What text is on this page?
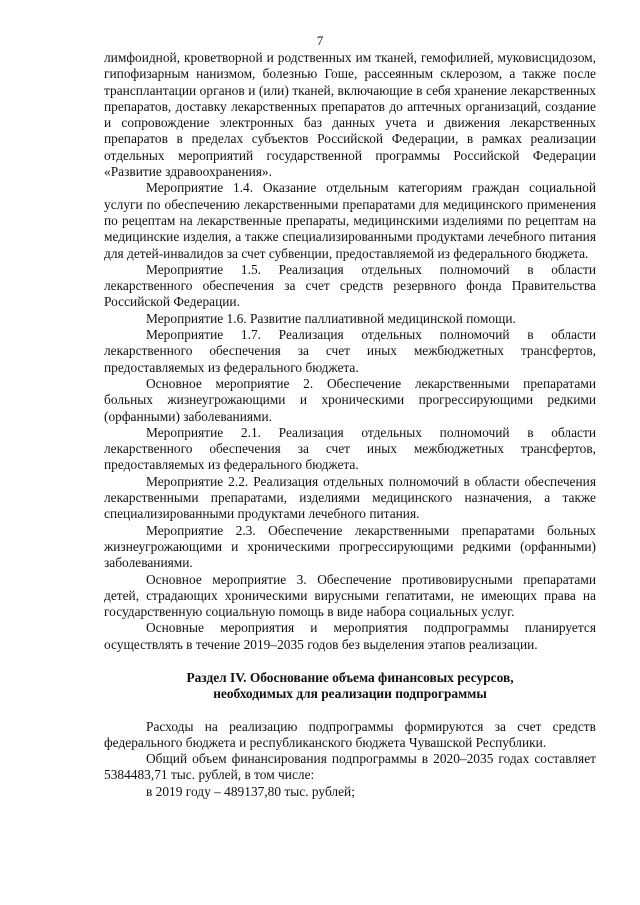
7

лимфоидной, кроветворной и родственных им тканей, гемофилией, муковисцидозом, гипофизарным нанизмом, болезнью Гоше, рассеянным склерозом, а также после трансплантации органов и (или) тканей, включающие в себя хранение лекарственных препаратов, доставку лекарственных препаратов до аптечных организаций, создание и сопровождение электронных баз данных учета и движения лекарственных препаратов в пределах субъектов Российской Федерации, в рамках реализации отдельных мероприятий государственной программы Российской Федерации «Развитие здравоохранения».

Мероприятие 1.4. Оказание отдельным категориям граждан социальной услуги по обеспечению лекарственными препаратами для медицинского применения по рецептам на лекарственные препараты, медицинскими изделиями по рецептам на медицинские изделия, а также специализированными продуктами лечебного питания для детей-инвалидов за счет субвенции, предоставляемой из федерального бюджета.

Мероприятие 1.5. Реализация отдельных полномочий в области лекарственного обеспечения за счет средств резервного фонда Правительства Российской Федерации.

Мероприятие 1.6. Развитие паллиативной медицинской помощи.

Мероприятие 1.7. Реализация отдельных полномочий в области лекарственного обеспечения за счет иных межбюджетных трансфертов, предоставляемых из федерального бюджета.

Основное мероприятие 2. Обеспечение лекарственными препаратами больных жизнеугрожающими и хроническими прогрессирующими редкими (орфанными) заболеваниями.

Мероприятие 2.1. Реализация отдельных полномочий в области лекарственного обеспечения за счет иных межбюджетных трансфертов, предоставляемых из федерального бюджета.

Мероприятие 2.2. Реализация отдельных полномочий в области обеспечения лекарственными препаратами, изделиями медицинского назначения, а также специализированными продуктами лечебного питания.

Мероприятие 2.3. Обеспечение лекарственными препаратами больных жизнеугрожающими и хроническими прогрессирующими редкими (орфанными) заболеваниями.

Основное мероприятие 3. Обеспечение противовирусными препаратами детей, страдающих хроническими вирусными гепатитами, не имеющих права на государственную социальную помощь в виде набора социальных услуг.

Основные мероприятия и мероприятия подпрограммы планируется осуществлять в течение 2019–2035 годов без выделения этапов реализации.

Раздел IV. Обоснование объема финансовых ресурсов,
необходимых для реализации подпрограммы

Расходы на реализацию подпрограммы формируются за счет средств федерального бюджета и республиканского бюджета Чувашской Республики.

Общий объем финансирования подпрограммы в 2020–2035 годах составляет 5384483,71 тыс. рублей, в том числе:

в 2019 году – 489137,80 тыс. рублей;
